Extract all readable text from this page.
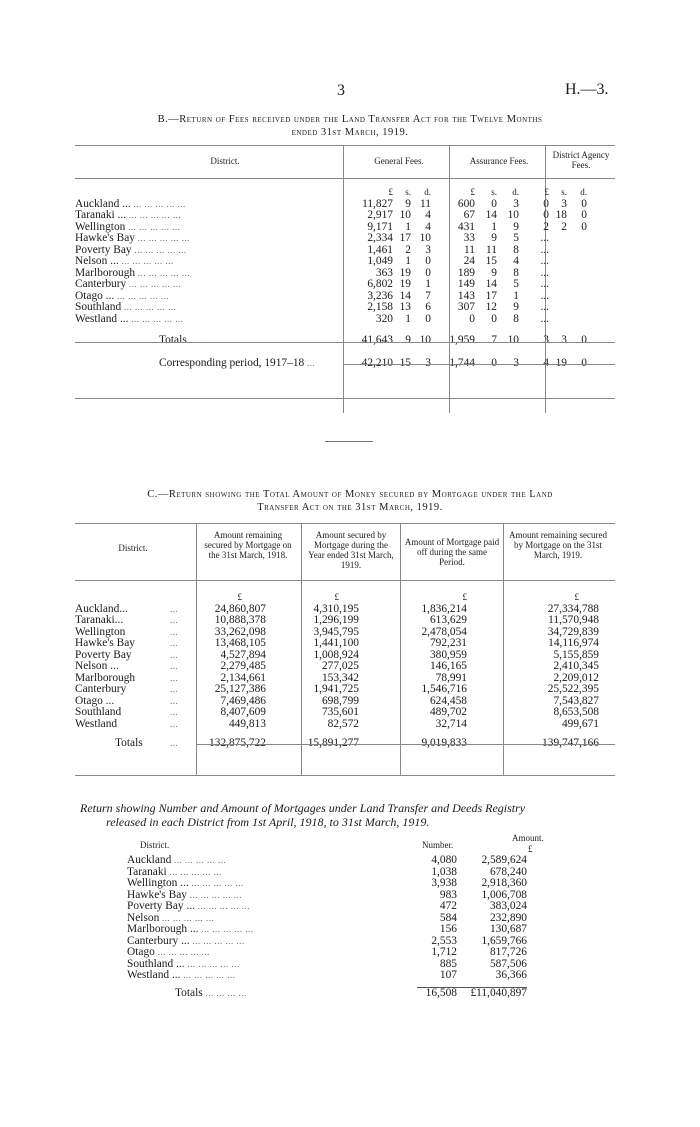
3	H.—3.
B.—Return of Fees received under the Land Transfer Act for the Twelve Months
ended 31st March, 1919.
District.	General Fees.	Assurance Fees.
District Agency Fees.
	£	s.	d.	£	s.	d.	£	s.	d.	
Auckland ... ... ... ... ... ...	11,827	9	11	600	0	3	0	3	0	
Taranaki ... ... ... ... ... ...	2,917	10	4	67	14	10	0	18	0	
Wellington ... ... ... ... ...	9,171	1	4	431	1	9	2	2	0	
Hawke's Bay ... ... ... ... ...	2,334	17	10	33	9	5	...			
Poverty Bay ... ... ... ... ...	1,461	2	3	11	11	8	...			
Nelson ... ... ... ... ... ...	1,049	1	0	24	15	4	...			
Marlborough ... ... ... ... ...	363	19	0	189	9	8	...			
Canterbury ... ... ... ... ...	6,802	19	1	149	14	5	...			
Otago ... ... ... ... ... ...	3,236	14	7	143	17	1	...			
Southland ... ... ... ... ...	2,158	13	6	307	12	9	...			
Westland ... ... ... ... ... ...	320	1	0	0	0	8	...			

Totals ... ... ...	41,643	9	10	1,959	7	10	3	3	0	

Corresponding period, 1917–18 ...	42,210	15	3	1,744	0	3	4	19	0	
C.—Return showing the Total Amount of Money secured by Mortgage under the Land
Transfer Act on the 31st March, 1919.
District.
Amount remaining secured by Mortgage on the 31st March, 1918.
Amount secured by Mortgage during the Year ended 31st March, 1919.
Amount of Mortgage paid off during the same Period.
Amount remaining secured by Mortgage on the 31st March, 1919.
		£	£	£	£
Auckland...	...	24,860,807	4,310,195	1,836,214	27,334,788
Taranaki...	...	10,888,378	1,296,199	613,629	11,570,948
Wellington	...	33,262,098	3,945,795	2,478,054	34,729,839
Hawke's Bay	...	13,468,105	1,441,100	792,231	14,116,974
Poverty Bay	...	4,527,894	1,008,924	380,959	5,155,859
Nelson ...	...	2,279,485	277,025	146,165	2,410,345
Marlborough	...	2,134,661	153,342	78,991	2,209,012
Canterbury	...	25,127,386	1,941,725	1,546,716	25,522,395
Otago ...	...	7,469,486	698,799	624,458	7,543,827
Southland	...	8,407,609	735,601	489,702	8,653,508
Westland	...	449,813	82,572	32,714	499,671

Totals	...	132,875,722	15,891,277	9,019,833	139,747,166
Return showing Number and Amount of Mortgages under Land Transfer and Deeds Registry
released in each District from 1st April, 1918, to 31st March, 1919.
District.	Number.
Amount.
£
Auckland ... ... ... ... ...	4,080	2,589,624	
Taranaki ... ... ... ... ...	1,038	678,240	
Wellington ... ... ... ... ... ...	3,938	2,918,360	
Hawke's Bay ... ... ... ... ...	983	1,006,708	
Poverty Bay ... ... ... ... ... ...	472	383,024	
Nelson ... ... ... ... ...	584	232,890	
Marlborough ... ... ... ... ... ...	156	130,687	
Canterbury ... ... ... ... ... ...	2,553	1,659,766	
Otago ... ... ... ... ...	1,712	817,726	
Southland ... ... ... ... ... ...	885	587,506	
Westland ... ... ... ... ... ...	107	36,366	

Totals ... ... ... ...	16,508	£11,040,897	
